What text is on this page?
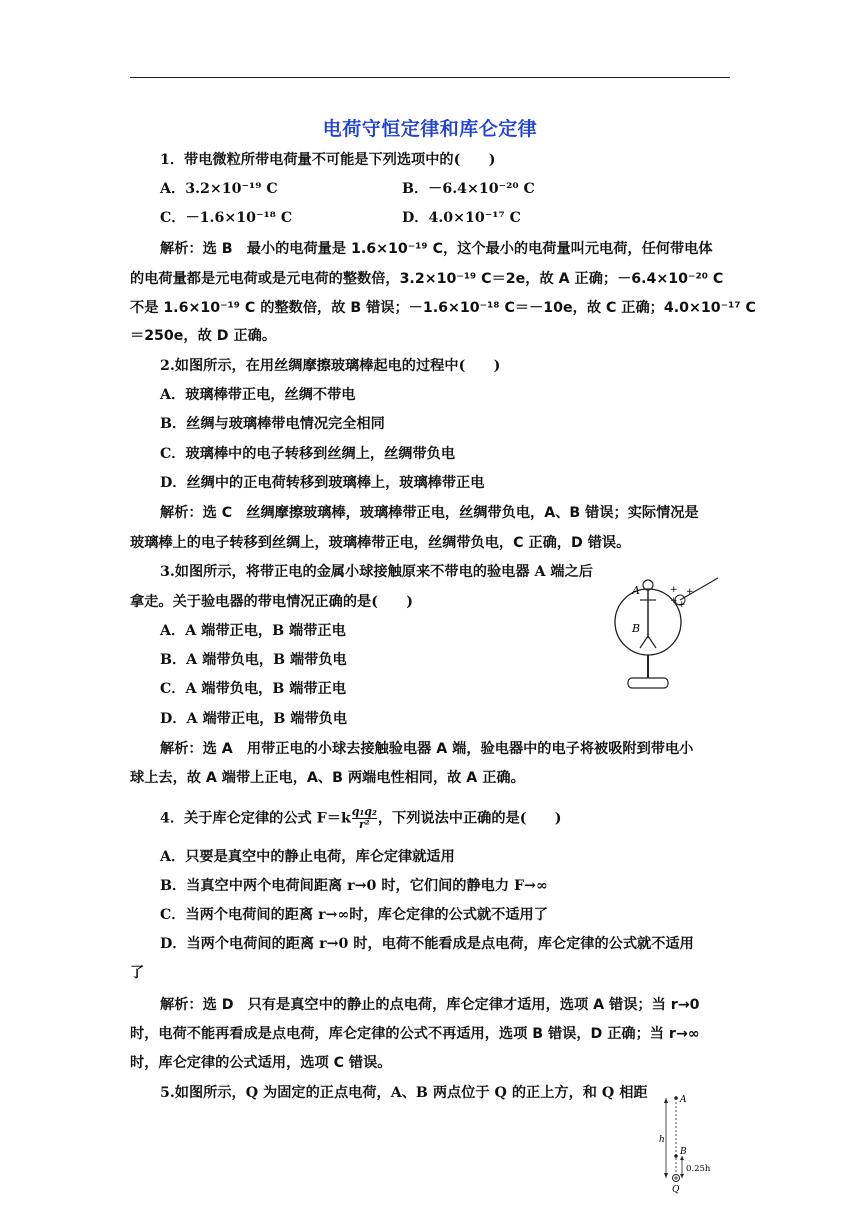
电荷守恒定律和库仑定律
1．带电微粒所带电荷量不可能是下列选项中的(　　)
A．3.2×10⁻¹⁹ C	B．－6.4×10⁻²⁰ C
C．－1.6×10⁻¹⁸ C	D．4.0×10⁻¹⁷ C
解析：选 B　最小的电荷量是 1.6×10⁻¹⁹ C，这个最小的电荷量叫元电荷，任何带电体
的电荷量都是元电荷或是元电荷的整数倍，3.2×10⁻¹⁹ C＝2e，故 A 正确；－6.4×10⁻²⁰ C
不是 1.6×10⁻¹⁹ C 的整数倍，故 B 错误；－1.6×10⁻¹⁸ C＝－10e，故 C 正确；4.0×10⁻¹⁷ C
＝250e，故 D 正确。
2.如图所示，在用丝绸摩擦玻璃棒起电的过程中(　　)
A．玻璃棒带正电，丝绸不带电
B．丝绸与玻璃棒带电情况完全相同
C．玻璃棒中的电子转移到丝绸上，丝绸带负电
D．丝绸中的正电荷转移到玻璃棒上，玻璃棒带正电
解析：选 C　丝绸摩擦玻璃棒，玻璃棒带正电，丝绸带负电，A、B 错误；实际情况是
玻璃棒上的电子转移到丝绸上，玻璃棒带正电，丝绸带负电，C 正确，D 错误。
3.如图所示，将带正电的金属小球接触原来不带电的验电器 A 端之后
拿走。关于验电器的带电情况正确的是(　　)
A．A 端带正电，B 端带正电
B．A 端带负电，B 端带负电
C．A 端带负电，B 端带正电
D．A 端带正电，B 端带负电
解析：选 A　用带正电的小球去接触验电器 A 端，验电器中的电子将被吸附到带电小
球上去，故 A 端带上正电，A、B 两端电性相同，故 A 正确。
+ +
+ +
A
B
4．关于库仑定律的公式 $F=k \frac{\text{q₁q₂}}{\text{r²}}$ ，下列说法中正确的是(　　)
A．只要是真空中的静止电荷，库仑定律就适用
B．当真空中两个电荷间距离 r→0 时，它们间的静电力 F→∞
C．当两个电荷间的距离 r→∞时，库仑定律的公式就不适用了
D．当两个电荷间的距离 r→0 时，电荷不能看成是点电荷，库仑定律的公式就不适用
了
解析：选 D　只有是真空中的静止的点电荷，库仑定律才适用，选项 A 错误；当 r→0
时，电荷不能再看成是点电荷，库仑定律的公式不再适用，选项 B 错误，D 正确；当 r→∞
时，库仑定律的公式适用，选项 C 错误。
5.如图所示，Q 为固定的正点电荷，A、B 两点位于 Q 的正上方，和 Q 相距	A
B
h
0.25h
Q
